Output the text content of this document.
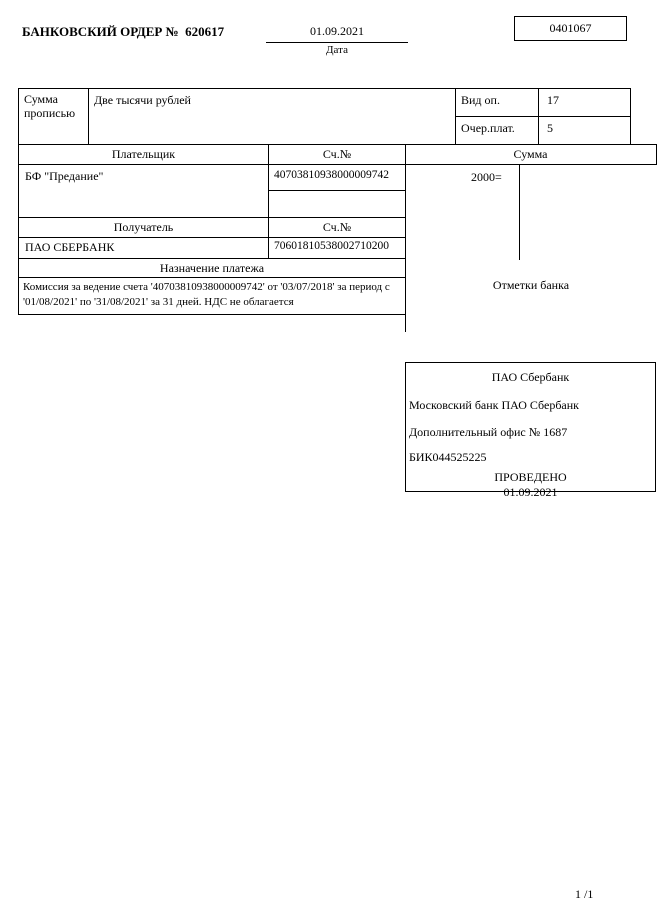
БАНКОВСКИЙ ОРДЕР №  620617	01.09.2021
Дата
0401067
Сумма прописью
Две тысячи рублей	Вид оп.	17
Очер.плат.	5
Плательщик	Сч.№
БФ "Предание"	40703810938000009742
Получатель	Сч.№
ПАО СБЕРБАНК	70601810538002710200
Назначение платежа
Комиссия за ведение счета '40703810938000009742' от '03/07/2018' за период с '01/08/2021' по '31/08/2021' за 31 дней. НДС не облагается
Сумма
2000=
Отметки банка
ПАО Сбербанк
Московский банк ПАО Сбербанк
Дополнительный офис № 1687
БИК044525225
ПРОВЕДЕНО
01.09.2021
1 /1
